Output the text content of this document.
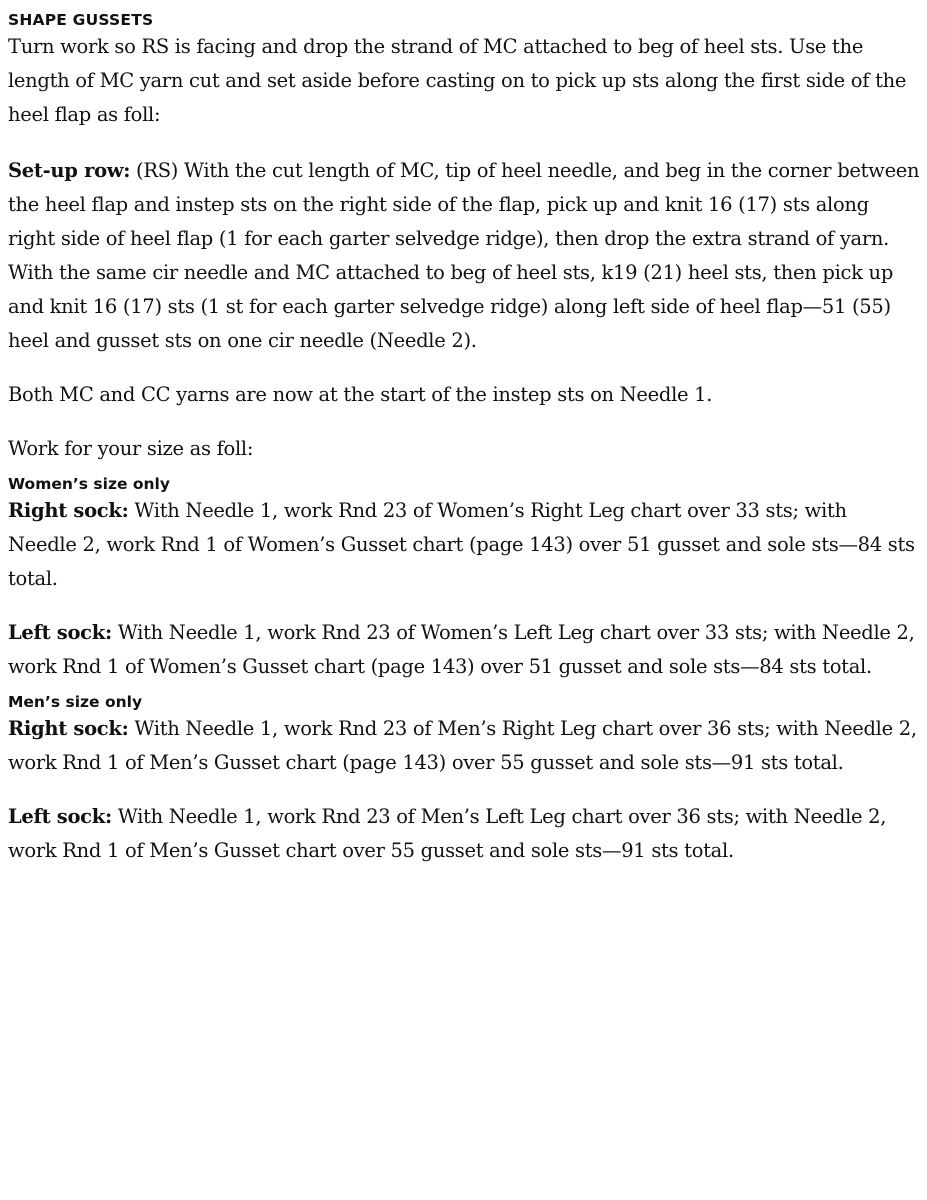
SHAPE GUSSETS

Turn work so RS is facing and drop the strand of MC attached to beg of heel sts. Use the length of MC yarn cut and set aside before casting on to pick up sts along the first side of the heel flap as foll:

Set-up row: (RS) With the cut length of MC, tip of heel needle, and beg in the corner between the heel flap and instep sts on the right side of the flap, pick up and knit 16 (17) sts along right side of heel flap (1 for each garter selvedge ridge), then drop the extra strand of yarn. With the same cir needle and MC attached to beg of heel sts, k19 (21) heel sts, then pick up and knit 16 (17) sts (1 st for each garter selvedge ridge) along left side of heel flap—51 (55) heel and gusset sts on one cir needle (Needle 2).

Both MC and CC yarns are now at the start of the instep sts on Needle 1.

Work for your size as foll:

Women’s size only

Right sock: With Needle 1, work Rnd 23 of Women’s Right Leg chart over 33 sts; with Needle 2, work Rnd 1 of Women’s Gusset chart (page 143) over 51 gusset and sole sts—84 sts total.

Left sock: With Needle 1, work Rnd 23 of Women’s Left Leg chart over 33 sts; with Needle 2, work Rnd 1 of Women’s Gusset chart (page 143) over 51 gusset and sole sts—84 sts total.

Men’s size only

Right sock: With Needle 1, work Rnd 23 of Men’s Right Leg chart over 36 sts; with Needle 2, work Rnd 1 of Men’s Gusset chart (page 143) over 55 gusset and sole sts—91 sts total.

Left sock: With Needle 1, work Rnd 23 of Men’s Left Leg chart over 36 sts; with Needle 2, work Rnd 1 of Men’s Gusset chart over 55 gusset and sole sts—91 sts total.
